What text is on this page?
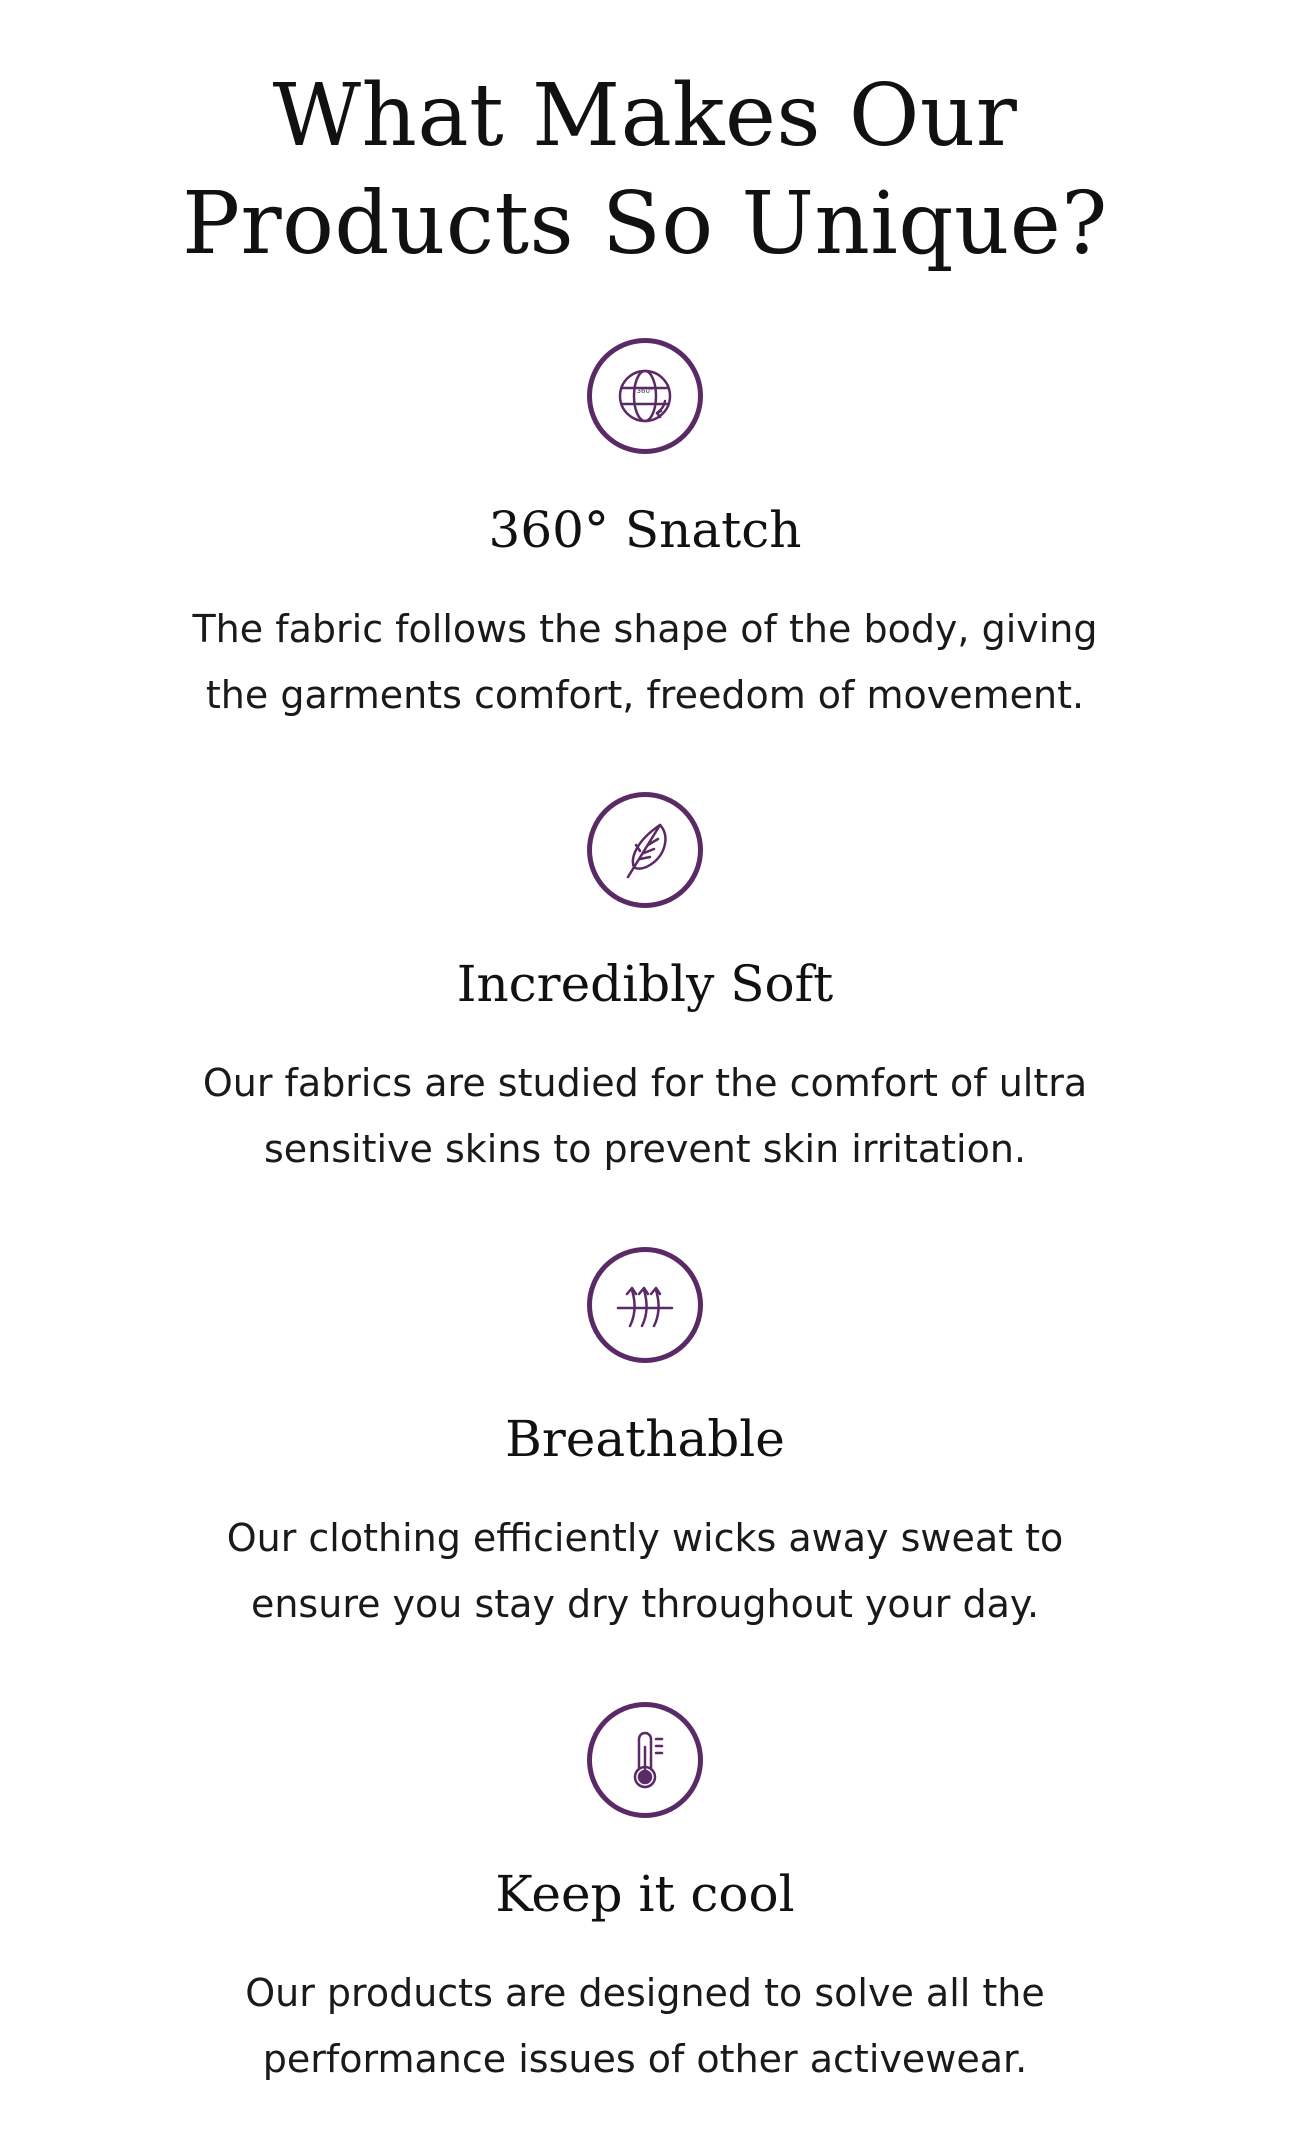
What Makes Our
Products So Unique?
360°
360° Snatch

The fabric follows the shape of the body, giving the garments comfort, freedom of movement.

Incredibly Soft

Our fabrics are studied for the comfort of ultra sensitive skins to prevent skin irritation.

Breathable

Our clothing efficiently wicks away sweat to ensure you stay dry throughout your day.

Keep it cool

Our products are designed to solve all the performance issues of other activewear.
